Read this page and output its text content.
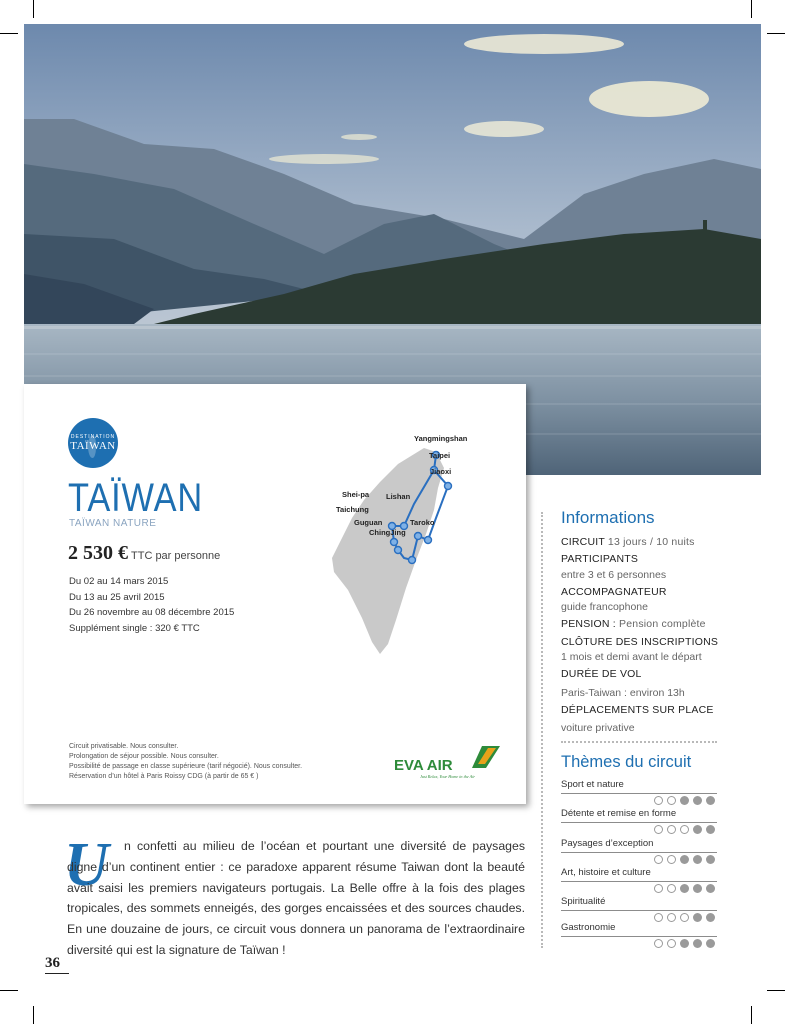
DESTINATION
TAÏWAN
TAÏWAN
TAÏWAN NATURE
2 530 € TTC par personne
Du 02 au 14 mars 2015
Du 13 au 25 avril 2015
Du 26 novembre au 08 décembre 2015
Supplément single : 320 € TTC
Yangmingshan
Taipei
Jiaoxi
Shei-pa Lishan
Taichung
Guguan	Taroko
ChingJing
Circuit privatisable. Nous consulter.
Prolongation de séjour possible. Nous consulter.
Possibilité de passage en classe supérieure (tarif négocié). Nous consulter.
Réservation d’un hôtel à Paris Roissy CDG (à partir de 65 € )
EVA AIR
Just Relax, Your Home in the Air
Informations
CIRCUIT 13 jours / 10 nuits
PARTICIPANTS
entre 3 et 6 personnes
ACCOMPAGNATEUR
guide francophone
PENSION : Pension complète
CLÔTURE DES INSCRIPTIONS
1 mois et demi avant le départ
DURÉE DE VOL
Paris-Taiwan : environ 13h
DÉPLACEMENTS SUR PLACE
voiture privative
Thèmes du circuit
Sport et nature
Détente et remise en forme
Paysages d’exception
Art, histoire et culture
Spiritualité
Gastronomie
U	n confetti au milieu de l’océan et pourtant une diversité de paysages digne d’un continent entier : ce paradoxe apparent résume Taiwan dont la beauté avait saisi les premiers navigateurs portugais. La Belle offre à la fois des plages tropicales, des sommets enneigés, des gorges encaissées et des sources chaudes. En une douzaine de jours, ce circuit vous donnera un panorama de l’extraordinaire diversité qui est la signature de Taïwan !

36
